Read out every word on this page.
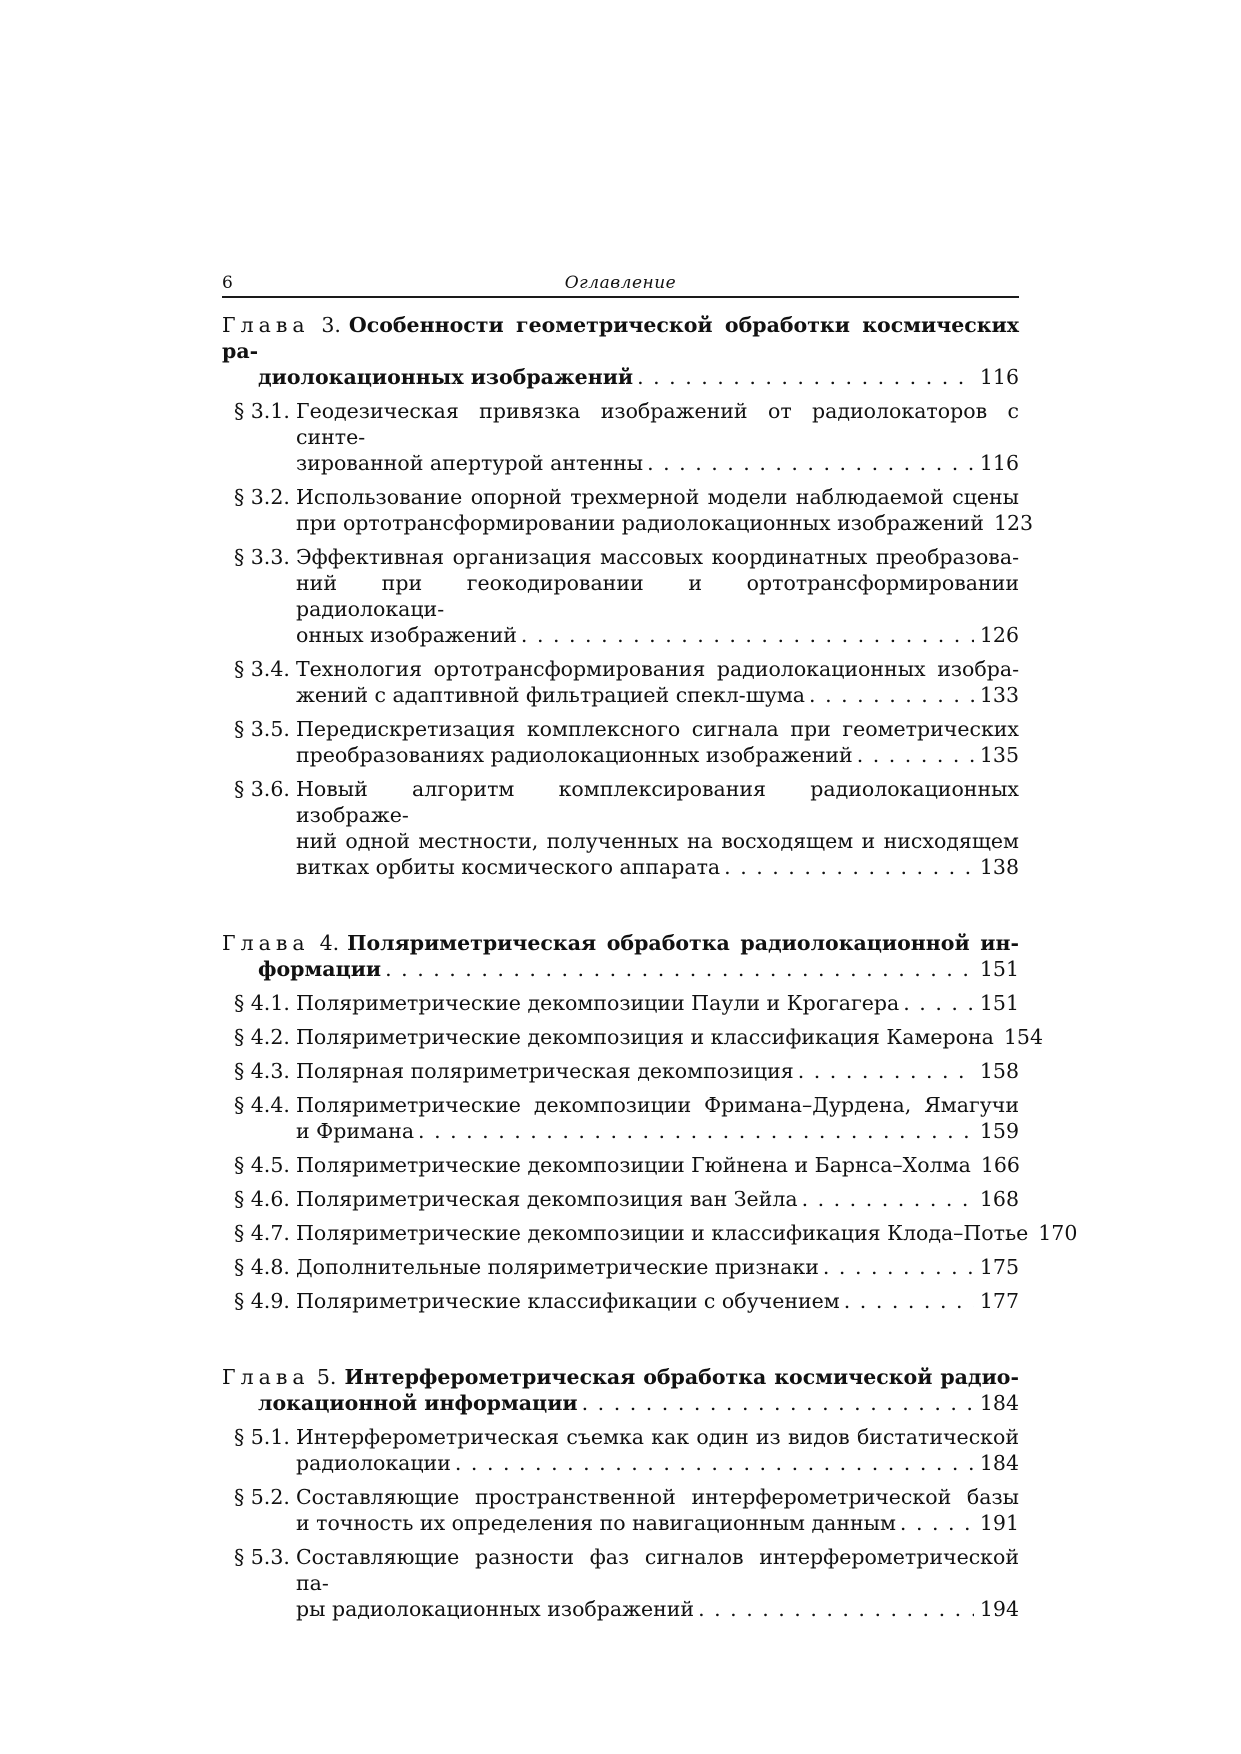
6	Оглавление
Глава 3. Особенности геометрической обработки космических ра-
диолокационных изображений . . .	116
§ 3.1. Геодезическая привязка изображений от радиолокаторов с синте-
зированной апертурой антенны . . .	116
§ 3.2. Использование опорной трехмерной модели наблюдаемой сцены
при ортотрансформировании радиолокационных изображений 123
§ 3.3. Эффективная организация массовых координатных преобразова-
ний при геокодировании и ортотрансформировании радиолокаци-
онных изображений . . .	126
§ 3.4. Технология ортотрансформирования радиолокационных изобра-
жений с адаптивной фильтрацией спекл-шума . . .	133
§ 3.5. Передискретизация комплексного сигнала при геометрических
преобразованиях радиолокационных изображений . . .	135
§ 3.6. Новый алгоритм комплексирования радиолокационных изображе-
ний одной местности, полученных на восходящем и нисходящем
витках орбиты космического аппарата . . .	138
Глава 4. Поляриметрическая обработка радиолокационной ин-
формации . . .	151
§ 4.1. Поляриметрические декомпозиции Паули и Крогагера . . .	151
§ 4.2. Поляриметрические декомпозиция и классификация Камерона 154
§ 4.3. Полярная поляриметрическая декомпозиция . . .	158
§ 4.4. Поляриметрические декомпозиции Фримана–Дурдена, Ямагучи
и Фримана . . .	159
§ 4.5. Поляриметрические декомпозиции Гюйнена и Барнса–Холма 166
§ 4.6. Поляриметрическая декомпозиция ван Зейла . . .	168
§ 4.7. Поляриметрические декомпозиции и классификация Клода–Потье 170
§ 4.8. Дополнительные поляриметрические признаки . . .	175
§ 4.9. Поляриметрические классификации с обучением . . .	177
Глава 5. Интерферометрическая обработка космической радио-
локационной информации . . .	184
§ 5.1. Интерферометрическая съемка как один из видов бистатической
радиолокации . . .	184
§ 5.2. Составляющие пространственной интерферометрической базы
и точность их определения по навигационным данным . . .	191
§ 5.3. Составляющие разности фаз сигналов интерферометрической па-
ры радиолокационных изображений . . .	194
